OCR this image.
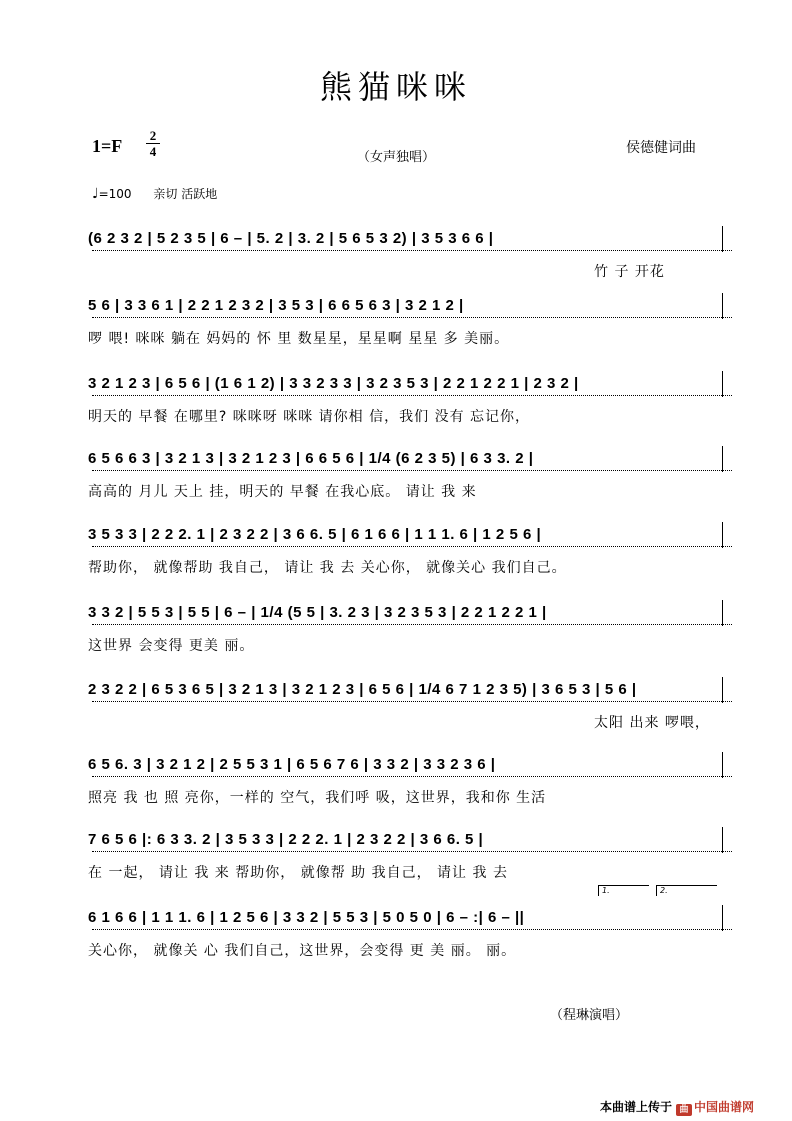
熊猫咪咪
1=F
2
4	（女声独唱）
侯德健词曲
♩=100 亲切 活跃地
(6 2 3 2 | 5 2 3 5 | 6 – | 5. 2 | 3. 2 | 5 6 5 3 2) | 3 5 3 6 6 |
竹 子 开花
5 6 | 3 3 6 1 | 2 2 1 2 3 2 | 3 5 3 | 6 6 5 6 3 | 3 2 1 2 |
啰 喂! 咪咪 躺在 妈妈的 怀 里 数星星，星星啊 星星 多 美丽。
3 2 1 2 3 | 6 5 6 | (1 6 1 2) | 3 3 2 3 3 | 3 2 3 5 3 | 2 2 1 2 2 1 | 2 3 2 |
明天的 早餐 在哪里? 咪咪呀 咪咪 请你相 信，我们 没有 忘记你，
6 5 6 6 3 | 3 2 1 3 | 3 2 1 2 3 | 6 6 5 6 | 1/4 (6 2 3 5) | 6 3 3. 2 |
高高的 月儿 天上 挂，明天的 早餐 在我心底。 请让 我 来
3 5 3 3 | 2 2 2. 1 | 2 3 2 2 | 3 6 6. 5 | 6 1 6 6 | 1 1 1. 6 | 1 2 5 6 |
帮助你， 就像帮助 我自己， 请让 我 去 关心你， 就像关心 我们自己。
3 3 2 | 5 5 3 | 5 5 | 6 – | 1/4 (5 5 | 3. 2 3 | 3 2 3 5 3 | 2 2 1 2 2 1 |
这世界 会变得 更美 丽。
2 3 2 2 | 6 5 3 6 5 | 3 2 1 3 | 3 2 1 2 3 | 6 5 6 | 1/4 6 7 1 2 3 5) | 3 6 5 3 | 5 6 |
太阳 出来 啰喂，
6 5 6. 3 | 3 2 1 2 | 2 5 5 3 1 | 6 5 6 7 6 | 3 3 2 | 3 3 2 3 6 |
照亮 我 也 照 亮你，一样的 空气，我们呼 吸，这世界，我和你 生活
7 6 5 6 |: 6 3 3. 2 | 3 5 3 3 | 2 2 2. 1 | 2 3 2 2 | 3 6 6. 5 |
在 一起， 请让 我 来 帮助你， 就像帮 助 我自己， 请让 我 去
6 1 6 6 | 1 1 1. 6 | 1 2 5 6 | 3 3 2 | 5 5 3 | 5 0 5 0 | 6 – :| 6 – ||
关心你， 就像关 心 我们自己，这世界，会变得 更 美 丽。 丽。
1.	2.
（程琳演唱）
本曲谱上传于 曲 中国曲谱网
